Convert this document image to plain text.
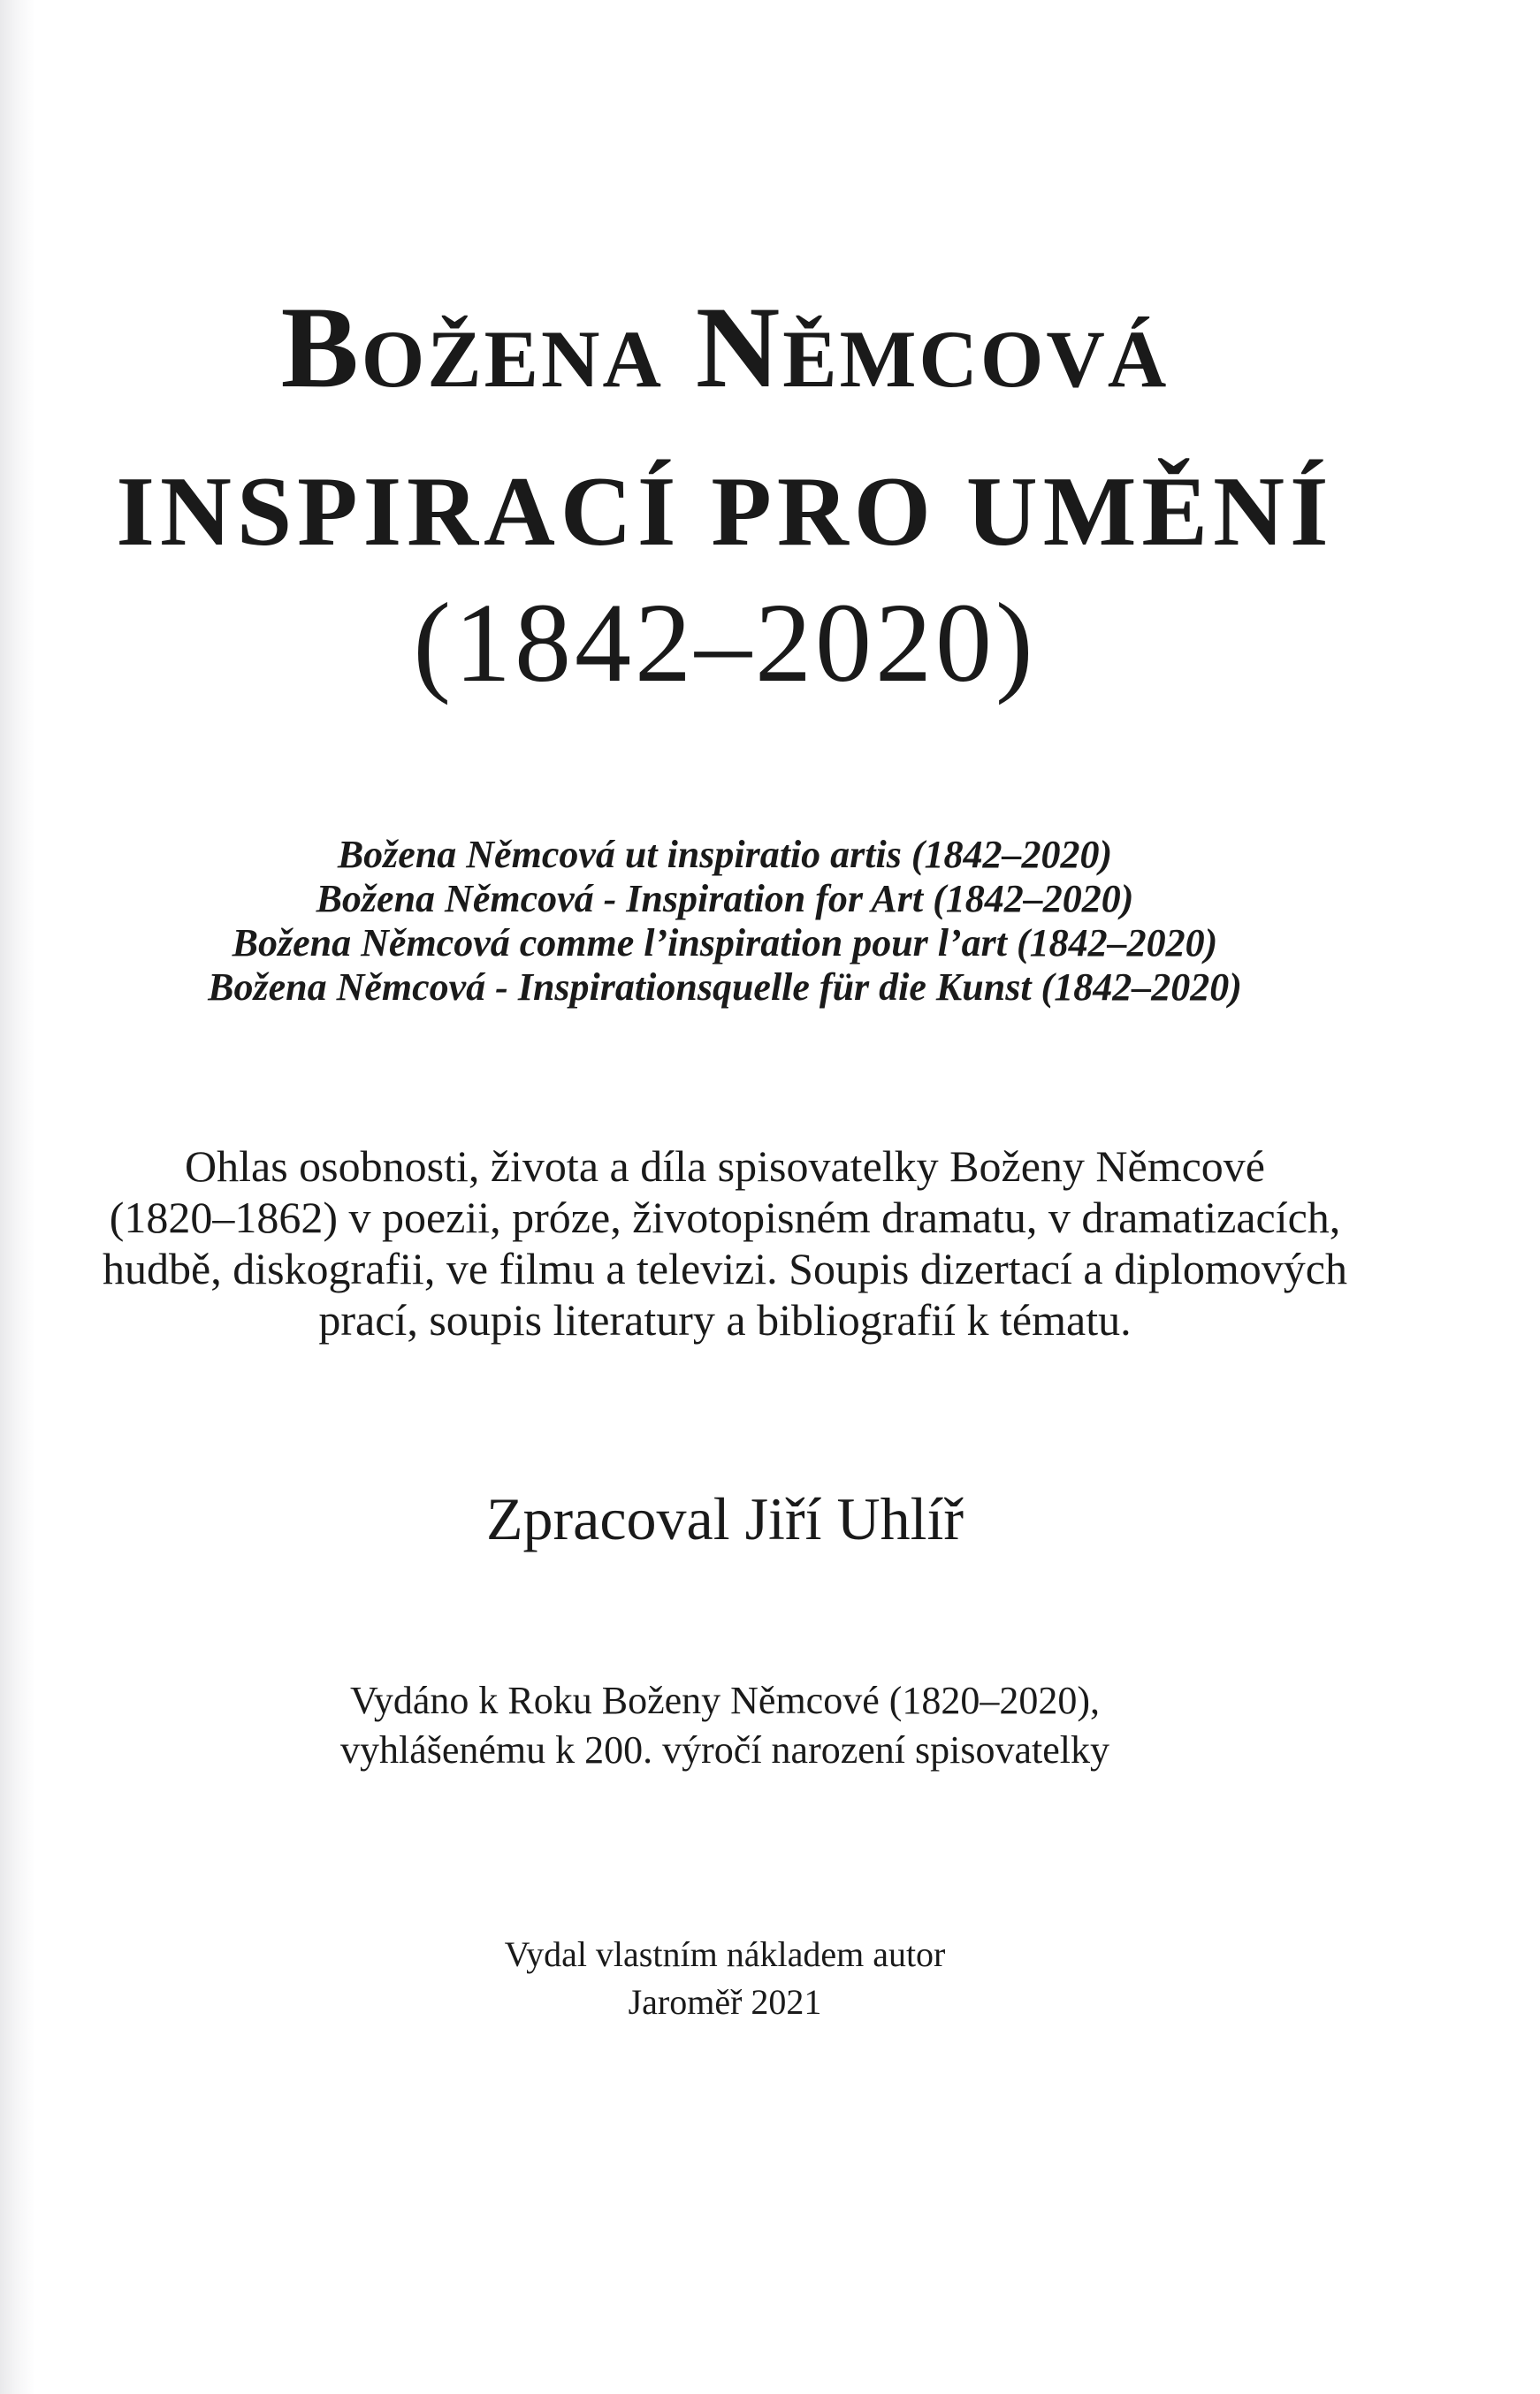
Božena Němcová
INSPIRACÍ PRO UMĚNÍ
(1842–2020)
Božena Němcová ut inspiratio artis (1842–2020)
Božena Němcová - Inspiration for Art (1842–2020)
Božena Němcová comme l’inspiration pour l’art (1842–2020)
Božena Němcová - Inspirationsquelle für die Kunst (1842–2020)
Ohlas osobnosti, života a díla spisovatelky Boženy Němcové
(1820–1862) v poezii, próze, životopisném dramatu, v dramatizacích,
hudbě, diskografii, ve filmu a televizi. Soupis dizertací a diplomových
prací, soupis literatury a bibliografií k tématu.
Zpracoval Jiří Uhlíř
Vydáno k Roku Boženy Němcové (1820–2020),
vyhlášenému k 200. výročí narození spisovatelky
Vydal vlastním nákladem autor
Jaroměř 2021
